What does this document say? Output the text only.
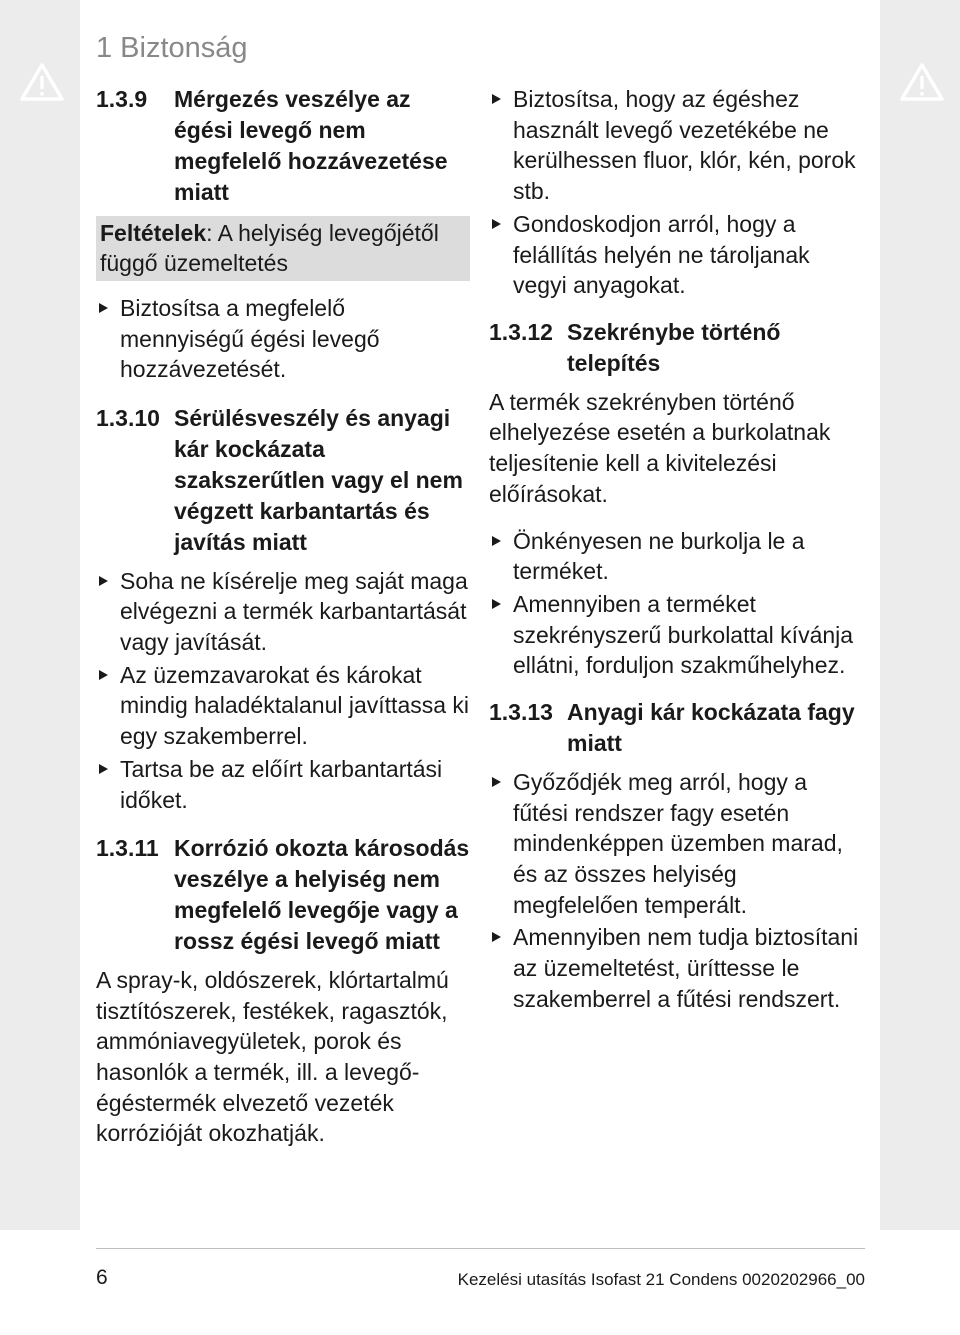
1 Biztonság
1.3.9	Mérgezés veszélye az égési levegő nem megfelelő hozzávezetése miatt
Feltételek: A helyiség levegőjétől függő üzemeltetés
Biztosítsa a megfelelő mennyiségű égési levegő hozzávezetését.
1.3.10 Sérülésveszély és anyagi kár kockázata szakszerűtlen vagy el nem végzett karbantartás és javítás miatt
Soha ne kísérelje meg saját maga elvégezni a termék karbantartását vagy javítását.
Az üzemzavarokat és károkat mindig haladéktalanul javíttassa ki egy szakemberrel.
Tartsa be az előírt karbantartási időket.
1.3.11 Korrózió okozta károsodás veszélye a helyiség nem megfelelő levegője vagy a rossz égési levegő miatt

A spray-k, oldószerek, klórtartalmú tisztítószerek, festékek, ragasztók, ammóniavegyületek, porok és hasonlók a termék, ill. a levegő-égéstermék elvezető vezeték korrózióját okozhatják.

Biztosítsa, hogy az égéshez használt levegő vezetékébe ne kerülhessen fluor, klór, kén, porok stb.
Gondoskodjon arról, hogy a felállítás helyén ne tároljanak vegyi anyagokat.
1.3.12 Szekrénybe történő telepítés

A termék szekrényben történő elhelyezése esetén a burkolatnak teljesítenie kell a kivitelezési előírásokat.

Önkényesen ne burkolja le a terméket.
Amennyiben a terméket szekrényszerű burkolattal kívánja ellátni, forduljon szakműhelyhez.
1.3.13 Anyagi kár kockázata fagy miatt
Győződjék meg arról, hogy a fűtési rendszer fagy esetén mindenképpen üzemben marad, és az összes helyiség megfelelően temperált.
Amennyiben nem tudja biztosítani az üzemeltetést, üríttesse le szakemberrel a fűtési rendszert.

6	Kezelési utasítás Isofast 21 Condens 0020202966_00
